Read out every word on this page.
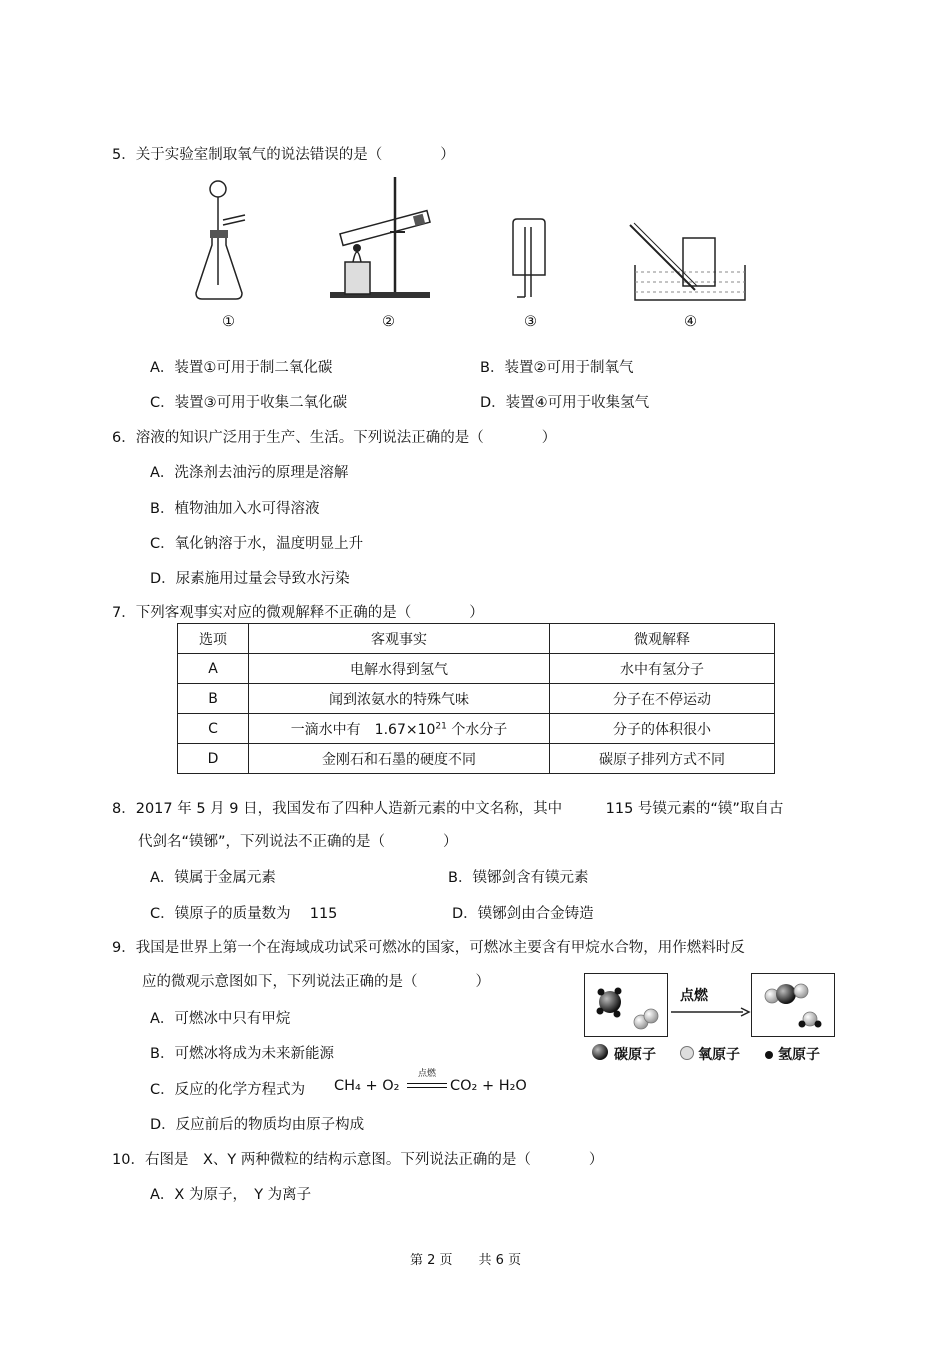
5．关于实验室制取氧气的说法错误的是（　　　　）
①	②	③	④
A．装置①可用于制二氧化碳	B．装置②可用于制氧气
C．装置③可用于收集二氧化碳	D．装置④可用于收集氢气
6．溶液的知识广泛用于生产、生活。下列说法正确的是（　　　　）
A．洗涤剂去油污的原理是溶解
B．植物油加入水可得溶液
C．氧化钠溶于水，温度明显上升
D．尿素施用过量会导致水污染
7．下列客观事实对应的微观解释不正确的是（　　　　）
选项	客观事实	微观解释
A	电解水得到氢气	水中有氢分子
B	闻到浓氨水的特殊气味	分子在不停运动
C	一滴水中有　$1.67\times 10^{21}$ 个水分子	分子的体积很小
D	金刚石和石墨的硬度不同	碳原子排列方式不同
8．2017 年 5 月 9 日，我国发布了四种人造新元素的中文名称，其中　　　115 号镆元素的“镆”取自古
代剑名“镆铘”，下列说法不正确的是（　　　　）
A．镆属于金属元素	B．镆铘剑含有镆元素
C．镆原子的质量数为　 115	D．镆铘剑由合金铸造
9．我国是世界上第一个在海域成功试采可燃冰的国家，可燃冰主要含有甲烷水合物，用作燃料时反
应的微观示意图如下，下列说法正确的是（　　　　）
A．可燃冰中只有甲烷
B．可燃冰将成为未来新能源
C．反应的化学方程式为 CH₄ + O₂
点燃
CO₂ + H₂O
D．反应前后的物质均由原子构成
点燃
碳原子	氧原子	氢原子
10．右图是　X、Y 两种微粒的结构示意图。下列说法正确的是（　　　　）
A．X 为原子，　Y 为离子
第 2 页　　共 6 页
